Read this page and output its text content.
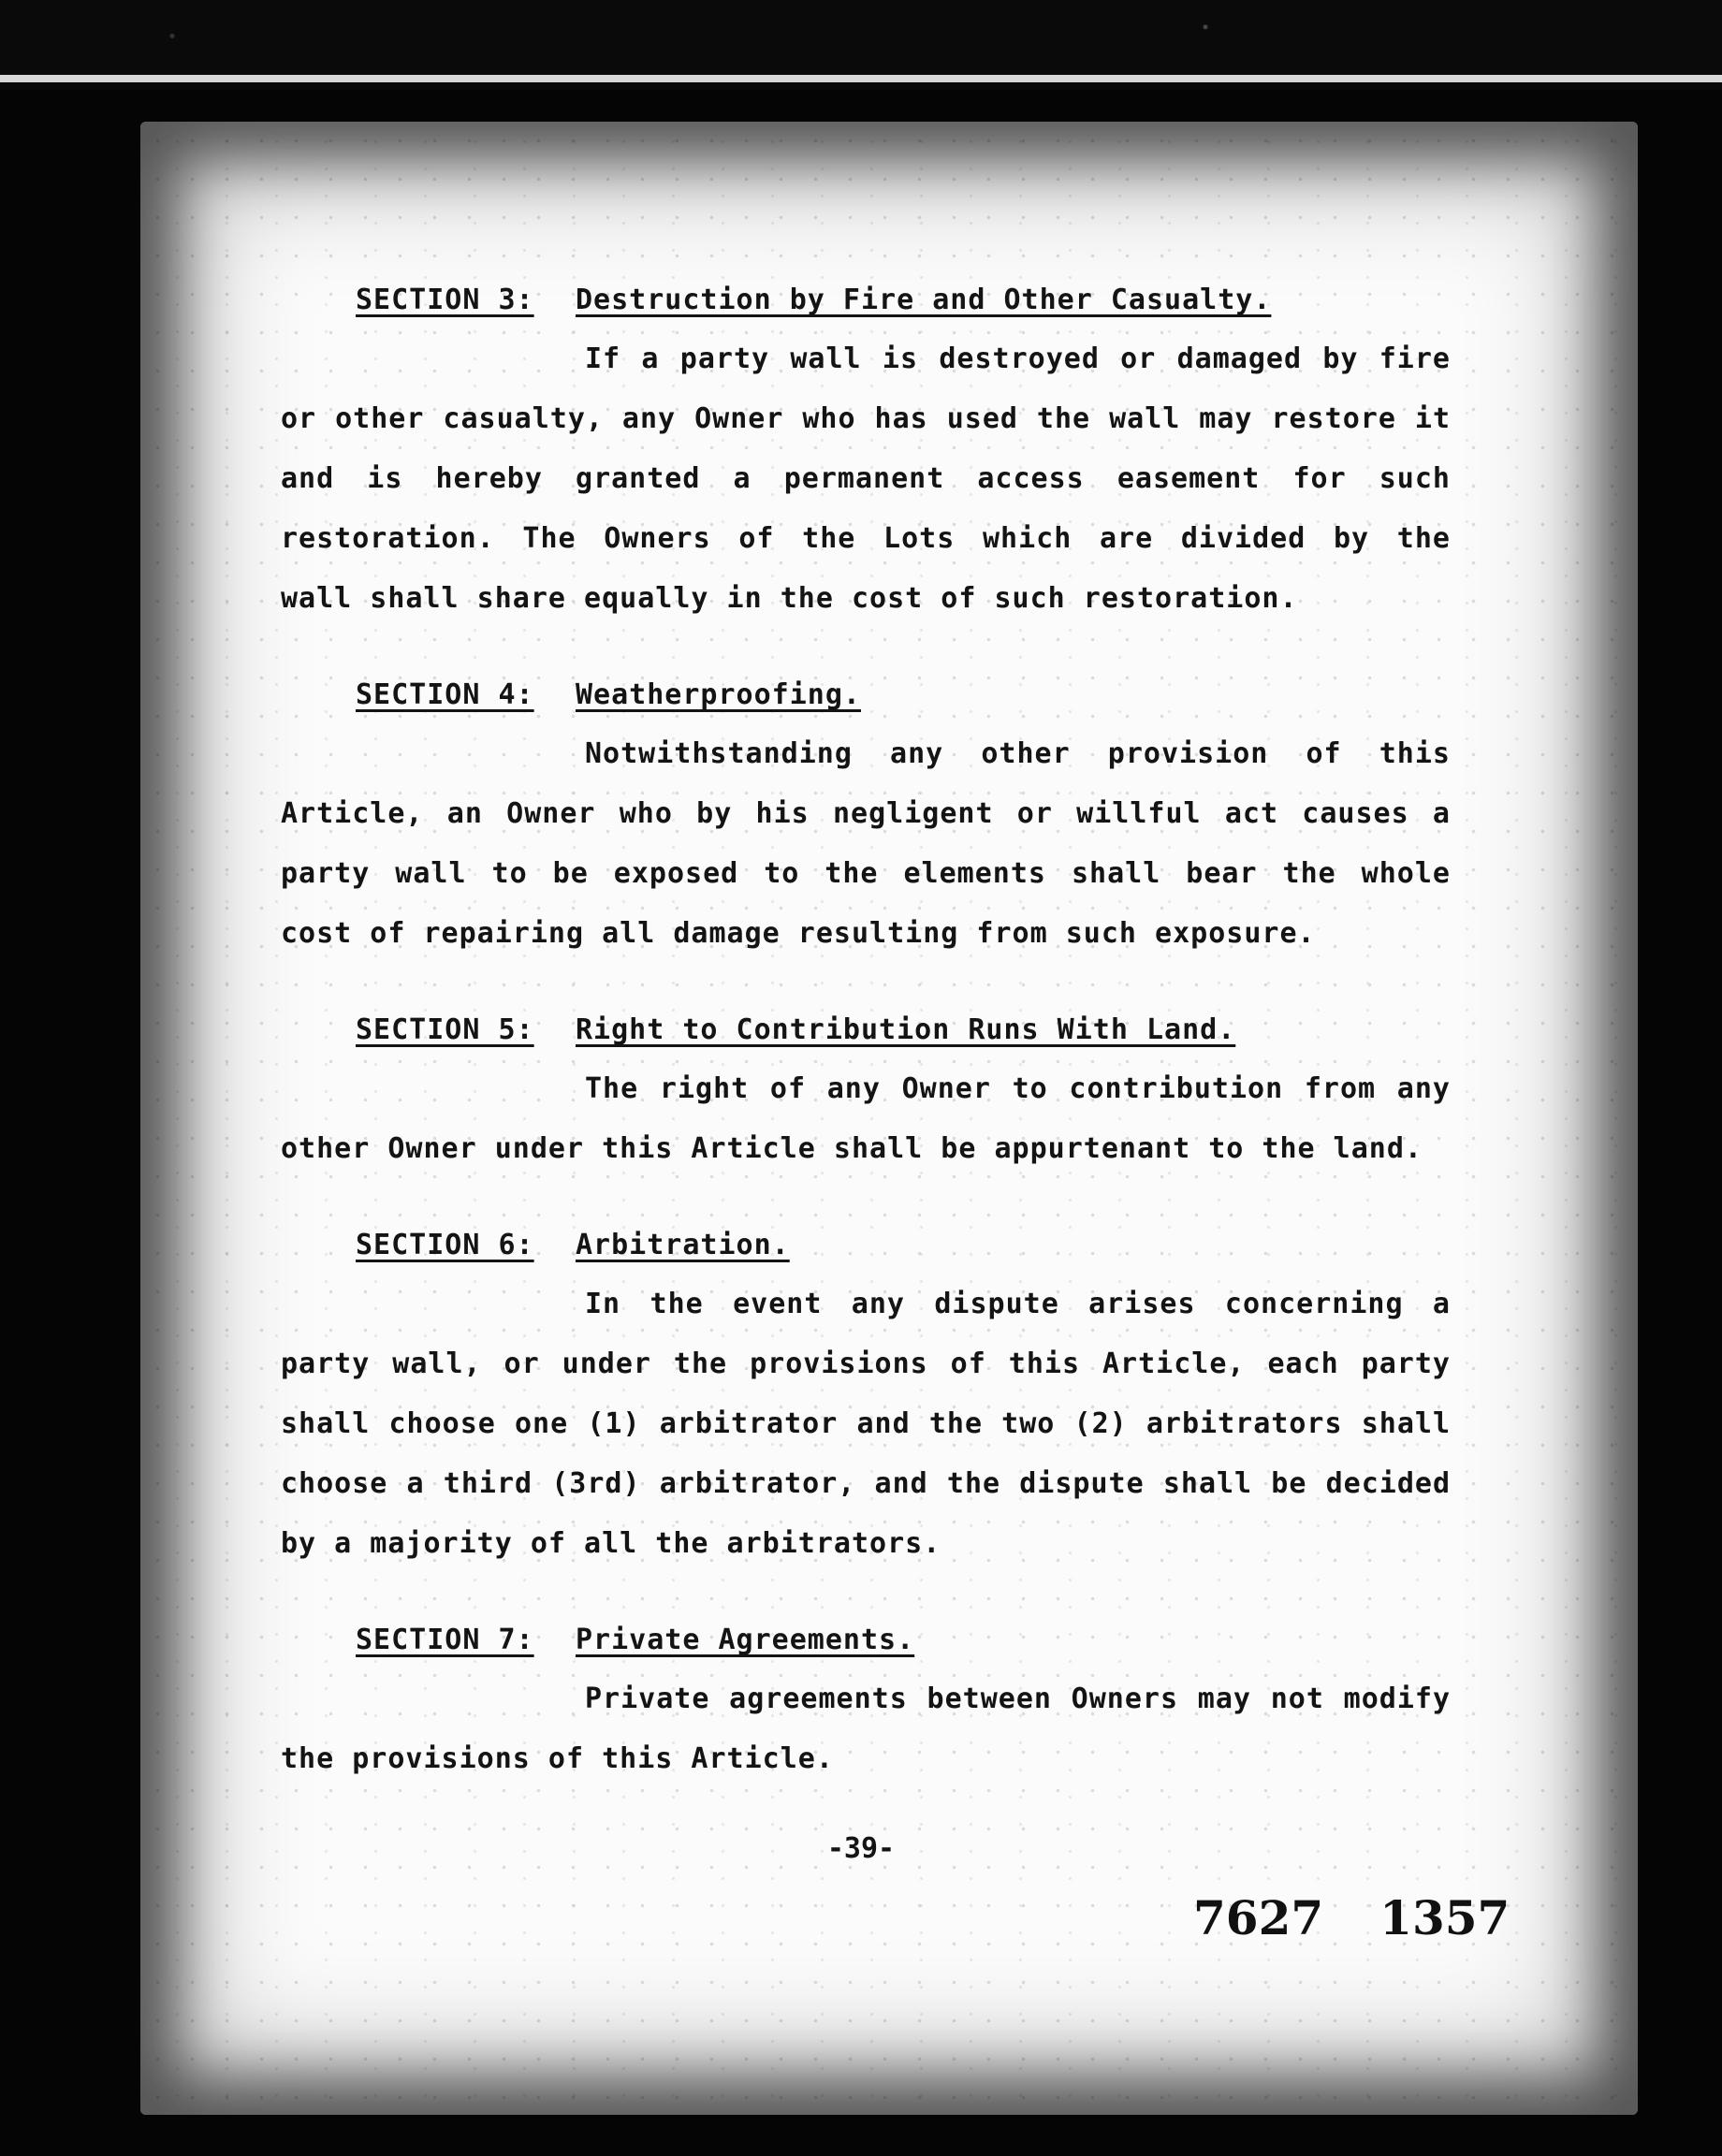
SECTION 3: Destruction by Fire and Other Casualty.
If a party wall is destroyed or damaged by fire
or other casualty, any Owner who has used the wall may restore it
and is hereby granted a permanent access easement for such
restoration. The Owners of the Lots which are divided by the
wall shall share equally in the cost of such restoration.
SECTION 4: Weatherproofing.
Notwithstanding any other provision of this
Article, an Owner who by his negligent or willful act causes a
party wall to be exposed to the elements shall bear the whole
cost of repairing all damage resulting from such exposure.
SECTION 5: Right to Contribution Runs With Land.
The right of any Owner to contribution from any
other Owner under this Article shall be appurtenant to the land.
SECTION 6: Arbitration.
In the event any dispute arises concerning a
party wall, or under the provisions of this Article, each party
shall choose one (1) arbitrator and the two (2) arbitrators shall
choose a third (3rd) arbitrator, and the dispute shall be decided
by a majority of all the arbitrators.
SECTION 7: Private Agreements.
Private agreements between Owners may not modify
the provisions of this Article.
-39-
7627 1357
